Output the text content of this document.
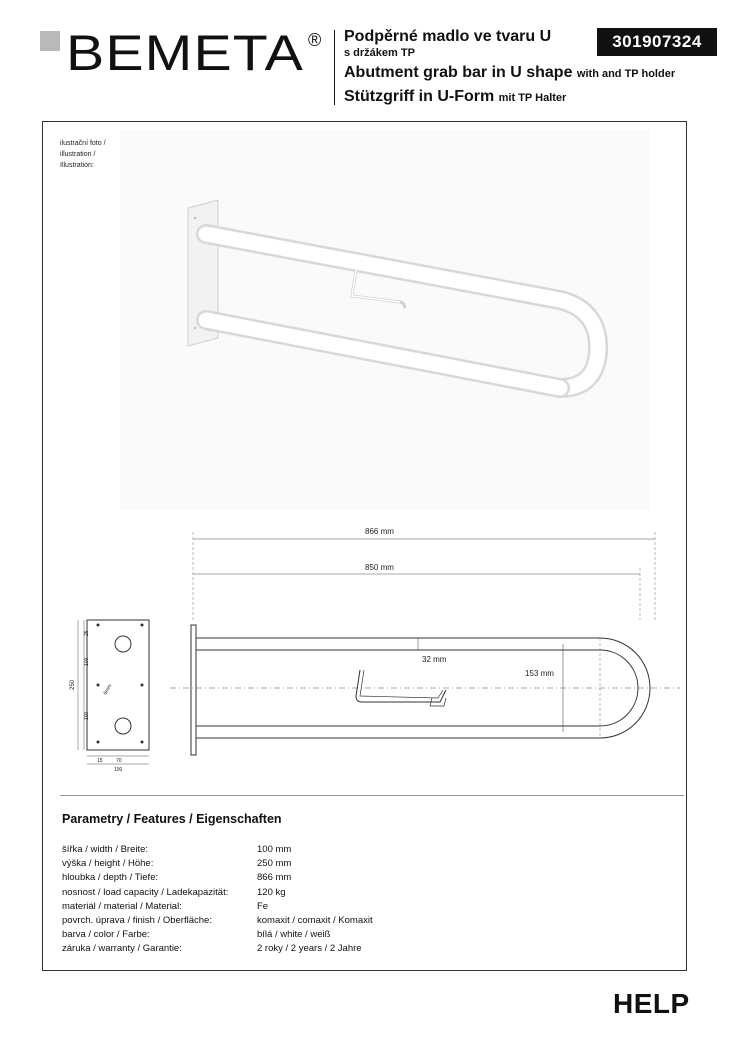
BEMETA ® Podpěrné madlo ve tvaru U
s držákem TP
Abutment grab bar in U shape with and TP holder
Stützgriff in U-Form mit TP Halter
301907324
ilustrační foto /
illustration /
Illustration:
866 mm
850 mm
250
25
100
100
6mm
15	70
100
32 mm
153 mm
Parametry / Features / Eigenschaften
šířka / width / Breite:	100 mm
výška / height / Höhe:	250 mm
hloubka / depth / Tiefe:	866 mm
nosnost / load capacity / Ladekapazität:	120 kg
materiál / material / Material:	Fe
povrch. úprava / finish / Oberfläche:	komaxit / comaxit / Komaxit
barva / color / Farbe:	bílá / white / weiß
záruka / warranty / Garantie:	2 roky / 2 years / 2 Jahre
HELP
